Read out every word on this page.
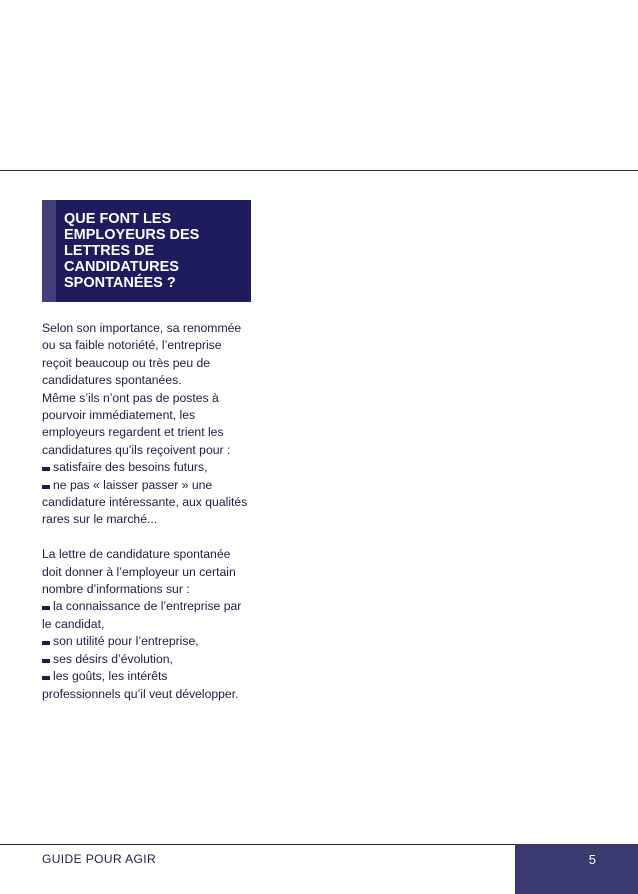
QUE FONT LES
EMPLOYEURS DES
LETTRES DE
CANDIDATURES
SPONTANÉES ?

Selon son importance, sa renommée
ou sa faible notoriété, l’entreprise
reçoit beaucoup ou très peu de
candidatures spontanées.
Même s’ils n’ont pas de postes à
pourvoir immédiatement, les
employeurs regardent et trient les
candidatures qu’ils reçoivent pour :
satisfaire des besoins futurs,
ne pas « laisser passer » une
candidature intéressante, aux qualités
rares sur le marché...

La lettre de candidature spontanée
doit donner à l’employeur un certain
nombre d’informations sur :
la connaissance de l’entreprise par
le candidat,
son utilité pour l’entreprise,
ses désirs d’évolution,
les goûts, les intérêts
professionnels qu’il veut développer.

GUIDE POUR AGIR	5
